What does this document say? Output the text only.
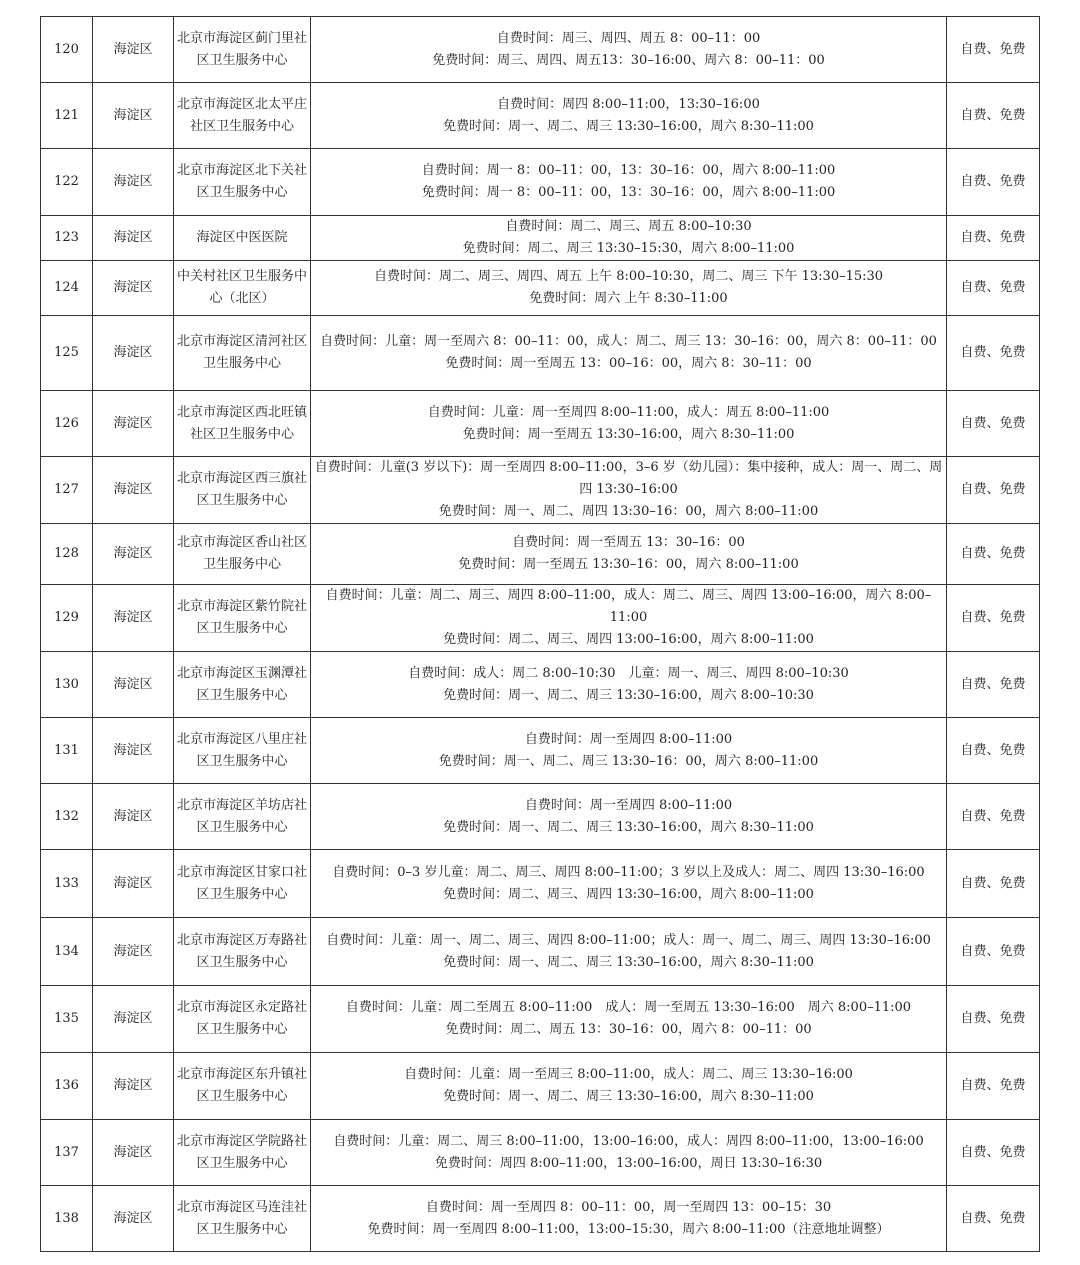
120	海淀区	北京市海淀区蓟门里社区卫生服务中心	自费时间：周三、周四、周五 8：00–11：00
免费时间：周三、周四、周五13：30–16:00、周六 8：00–11：00	自费、免费
121	海淀区	北京市海淀区北太平庄社区卫生服务中心	自费时间：周四 8:00–11:00，13:30–16:00
免费时间：周一、周二、周三 13:30–16:00，周六 8:30–11:00	自费、免费
122	海淀区	北京市海淀区北下关社区卫生服务中心	自费时间：周一 8：00–11：00，13：30–16：00，周六 8:00–11:00
免费时间：周一 8：00–11：00，13：30–16：00，周六 8:00–11:00	自费、免费
123	海淀区	海淀区中医医院	自费时间：周二、周三、周五 8:00–10:30
免费时间：周二、周三 13:30–15:30，周六 8:00–11:00	自费、免费
124	海淀区	中关村社区卫生服务中心（北区）	自费时间：周二、周三、周四、周五 上午 8:00–10:30，周二、周三 下午 13:30–15:30
免费时间：周六 上午 8:30–11:00	自费、免费
125	海淀区	北京市海淀区清河社区卫生服务中心	自费时间：儿童：周一至周六 8：00–11：00，成人：周二、周三 13：30–16：00，周六 8：00–11：00
免费时间：周一至周五 13：00–16：00，周六 8：30–11：00	自费、免费
126	海淀区	北京市海淀区西北旺镇社区卫生服务中心	自费时间：儿童：周一至周四 8:00–11:00，成人：周五 8:00–11:00
免费时间：周一至周五 13:30–16:00，周六 8:30–11:00	自费、免费
127	海淀区	北京市海淀区西三旗社区卫生服务中心	自费时间：儿童(3 岁以下)：周一至周四 8:00–11:00，3–6 岁（幼儿园）：集中接种，成人：周一、周二、周四 13:30–16:00
免费时间：周一、周二、周四 13:30–16：00，周六 8:00–11:00	自费、免费
128	海淀区	北京市海淀区香山社区卫生服务中心	自费时间：周一至周五 13：30–16：00
免费时间：周一至周五 13:30–16：00，周六 8:00–11:00	自费、免费
129	海淀区	北京市海淀区紫竹院社区卫生服务中心	自费时间：儿童：周二、周三、周四 8:00–11:00，成人：周二、周三、周四 13:00–16:00，周六 8:00–11:00
免费时间：周二、周三、周四 13:00–16:00，周六 8:00–11:00	自费、免费
130	海淀区	北京市海淀区玉渊潭社区卫生服务中心	自费时间：成人：周二 8:00–10:30　儿童：周一、周三、周四 8:00–10:30
免费时间：周一、周二、周三 13:30–16:00，周六 8:00–10:30	自费、免费
131	海淀区	北京市海淀区八里庄社区卫生服务中心	自费时间：周一至周四 8:00–11:00
免费时间：周一、周二、周三 13:30–16：00，周六 8:00–11:00	自费、免费
132	海淀区	北京市海淀区羊坊店社区卫生服务中心	自费时间：周一至周四 8:00–11:00
免费时间：周一、周二、周三 13:30–16:00，周六 8:30–11:00	自费、免费
133	海淀区	北京市海淀区甘家口社区卫生服务中心	自费时间：0–3 岁儿童：周二、周三、周四 8:00–11:00；3 岁以上及成人：周二、周四 13:30–16:00
免费时间：周二、周三、周四 13:30–16:00，周六 8:00–11:00	自费、免费
134	海淀区	北京市海淀区万寿路社区卫生服务中心	自费时间：儿童：周一、周二、周三、周四 8:00–11:00；成人：周一、周二、周三、周四 13:30–16:00
免费时间：周一、周二、周三 13:30–16:00，周六 8:30–11:00	自费、免费
135	海淀区	北京市海淀区永定路社区卫生服务中心	自费时间：儿童：周二至周五 8:00–11:00　成人：周一至周五 13:30–16:00　周六 8:00–11:00
免费时间：周二、周五 13：30–16：00，周六 8：00–11：00	自费、免费
136	海淀区	北京市海淀区东升镇社区卫生服务中心	自费时间：儿童：周一至周三 8:00–11:00，成人：周二、周三 13:30–16:00
免费时间：周一、周二、周三 13:30–16:00，周六 8:30–11:00	自费、免费
137	海淀区	北京市海淀区学院路社区卫生服务中心	自费时间：儿童：周二、周三 8:00–11:00，13:00–16:00，成人：周四 8:00–11:00，13:00–16:00
免费时间：周四 8:00–11:00，13:00–16:00，周日 13:30–16:30	自费、免费
138	海淀区	北京市海淀区马连洼社区卫生服务中心	自费时间：周一至周四 8：00–11：00，周一至周四 13：00–15：30
免费时间：周一至周四 8:00–11:00，13:00–15:30，周六 8:00–11:00（注意地址调整）	自费、免费
